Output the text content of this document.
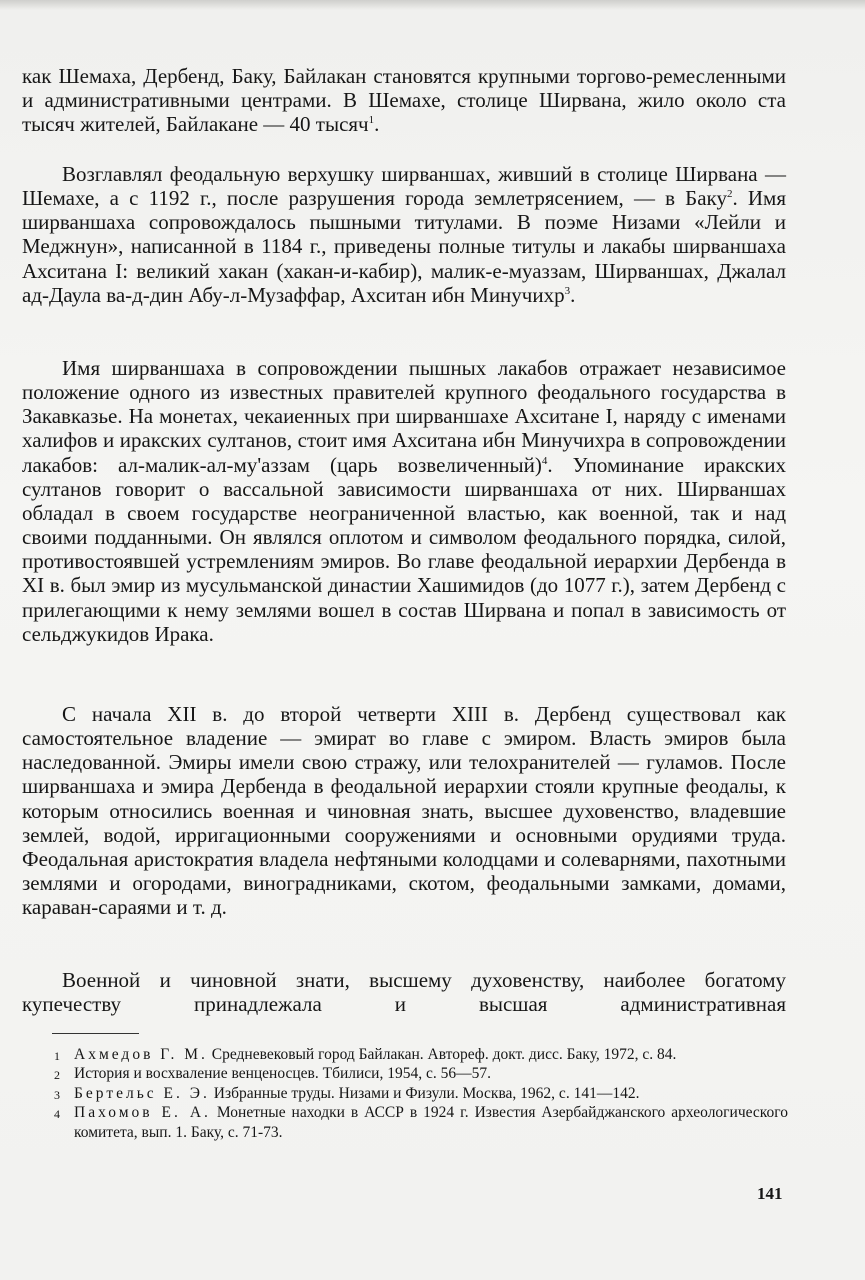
как Шемаха, Дербенд, Баку, Байлакан становятся крупными торгово-ремесленными и административными центрами. В Шемахе, столице Ширвана, жило около ста тысяч жителей, Байлакане — 40 тысяч$^1$.

Возглавлял феодальную верхушку ширваншах, живший в столице Ширвана — Шемахе, а с 1192 г., после разрушения города землетрясением, — в Баку$^2$. Имя ширваншаха сопровождалось пышными титулами. В поэме Низами «Лейли и Меджнун», написанной в 1184 г., приведены полные титулы и лакабы ширваншаха Ахситана I: великий хакан (хакан-и-кабир), малик-е-муаззам, Ширваншах, Джалал ад-Даула ва-д-дин Абу-л-Музаффар, Ахситан ибн Минучихр$^3$.

Имя ширваншаха в сопровождении пышных лакабов отражает независимое положение одного из известных правителей крупного феодального государства в Закавказье. На монетах, чекаиенных при ширваншахе Ахситане I, наряду с именами халифов и иракских султанов, стоит имя Ахситана ибн Минучихра в сопровождении лакабов: ал-малик-ал-му'аззам (царь возвеличенный)$^4$. Упоминание иракских султанов говорит о вассальной зависимости ширваншаха от них. Ширваншах обладал в своем государстве неограниченной властью, как военной, так и над своими подданными. Он являлся оплотом и символом феодального порядка, силой, противостоявшей устремлениям эмиров. Во главе феодальной иерархии Дербенда в XI в. был эмир из мусульманской династии Хашимидов (до 1077 г.), затем Дербенд с прилегающими к нему землями вошел в состав Ширвана и попал в зависимость от сельджукидов Ирака.

С начала XII в. до второй четверти XIII в. Дербенд существовал как самостоятельное владение — эмират во главе с эмиром. Власть эмиров была наследованной. Эмиры имели свою стражу, или телохранителей — гуламов. После ширваншаха и эмира Дербенда в феодальной иерархии стояли крупные феодалы, к которым относились военная и чиновная знать, высшее духовенство, владевшие землей, водой, ирригационными сооружениями и основными орудиями труда. Феодальная аристократия владела нефтяными колодцами и солеварнями, пахотными землями и огородами, виноградниками, скотом, феодальными замками, домами, караван-сараями и т. д.

Военной и чиновной знати, высшему духовенству, наиболее богатому купечеству принадлежала и высшая административная

1 Ахмедов Г. М. Средневековый город Байлакан. Автореф. докт. дисс. Баку, 1972, с. 84.
2 История и восхваление венценосцев. Тбилиси, 1954, с. 56—57.
3 Бертельс Е. Э. Избранные труды. Низами и Физули. Москва, 1962, с. 141—142.
4 Пахомов Е. А. Монетные находки в АССР в 1924 г. Известия Азербайджанского археологического комитета, вып. 1. Баку, с. 71-73.
141
